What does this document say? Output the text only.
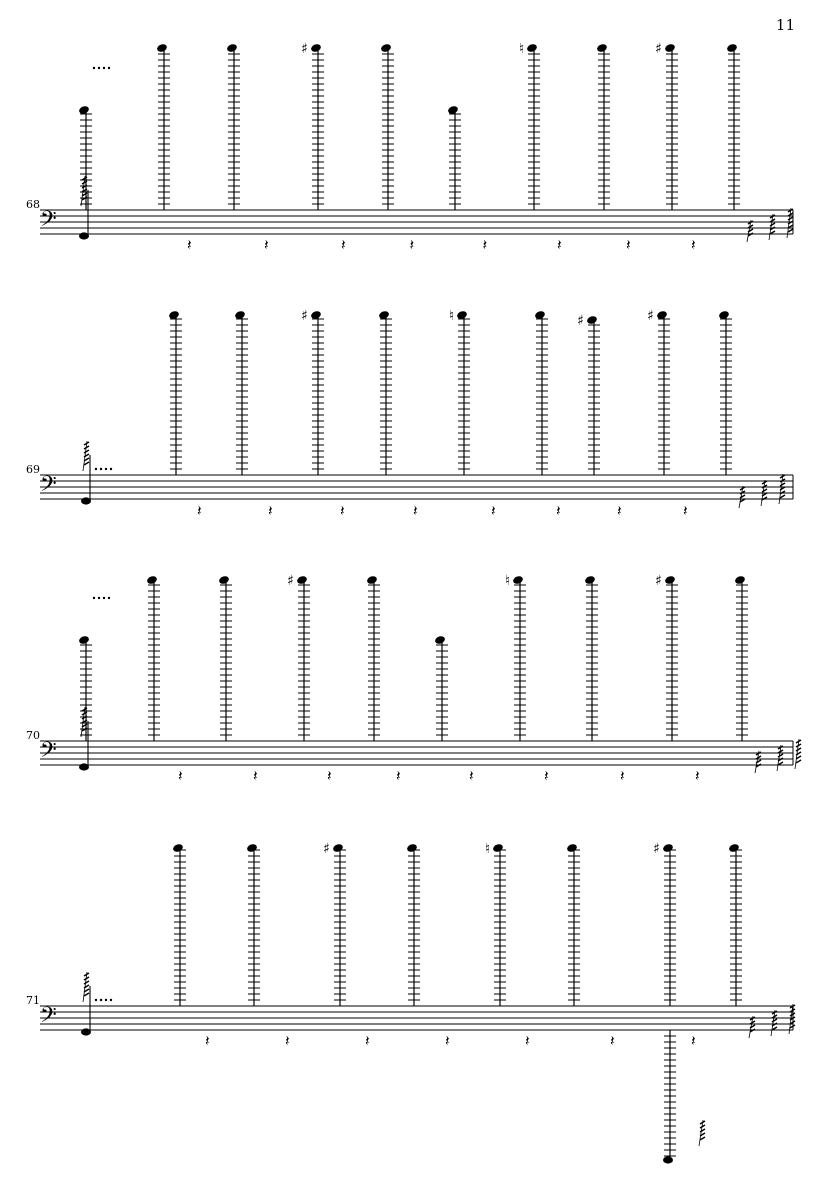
11
68
69
70
71
𝄢
♯	♮	♯
𝄽	𝄽	𝄽	𝄽	𝄽	𝄽	𝄽	𝄽
𝄢
♯	♮	♯	♯
𝄽	𝄽	𝄽	𝄽	𝄽	𝄽	𝄽	𝄽
𝄢
♯	♮	♯
𝄽	𝄽	𝄽	𝄽	𝄽	𝄽	𝄽	𝄽
𝄢
♯	♮	♯
𝄽	𝄽	𝄽	𝄽	𝄽	𝄽	𝄽
